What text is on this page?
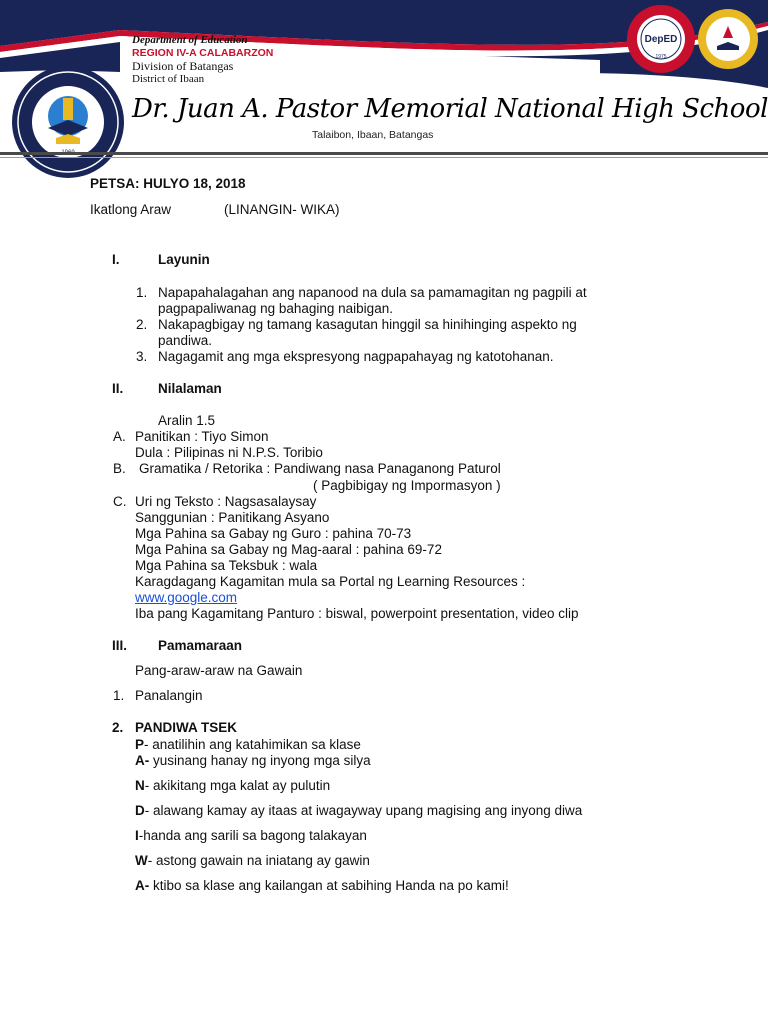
DepED
1975
Department of Education
REGION IV-A CALABARZON
Division of Batangas
District of Ibaan
Dr. Juan A. Pastor Memorial National High School
Talaibon, Ibaan, Batangas
PETSA: HULYO 18, 2018
Ikatlong Araw	(LINANGIN- WIKA)
I.	Layunin
1. Napapahalagahan ang napanood na dula sa pamamagitan ng pagpili at
pagpapaliwanag ng bahaging naibigan.
2. Nakapagbigay ng tamang kasagutan hinggil sa hinihinging aspekto ng
pandiwa.
3. Nagagamit ang mga ekspresyong nagpapahayag ng katotohanan.
II.	Nilalaman
Aralin 1.5
A. Panitikan : Tiyo Simon
Dula : Pilipinas ni N.P.S. Toribio
B. Gramatika / Retorika : Pandiwang nasa Panaganong Paturol
( Pagbibigay ng Impormasyon )
C. Uri ng Teksto : Nagsasalaysay
Sanggunian : Panitikang Asyano
Mga Pahina sa Gabay ng Guro : pahina 70-73
Mga Pahina sa Gabay ng Mag-aaral : pahina 69-72
Mga Pahina sa Teksbuk : wala
Karagdagang Kagamitan mula sa Portal ng Learning Resources :
www.google.com
Iba pang Kagamitang Panturo : biswal, powerpoint presentation, video clip
III. Pamamaraan
Pang-araw-araw na Gawain
1. Panalangin
2. PANDIWA TSEK
P- anatilihin ang katahimikan sa klase
A- yusinang hanay ng inyong mga silya
N- akikitang mga kalat ay pulutin
D- alawang kamay ay itaas at iwagayway upang magising ang inyong diwa
I-handa ang sarili sa bagong talakayan
W- astong gawain na iniatang ay gawin
A- ktibo sa klase ang kailangan at sabihing Handa na po kami!
